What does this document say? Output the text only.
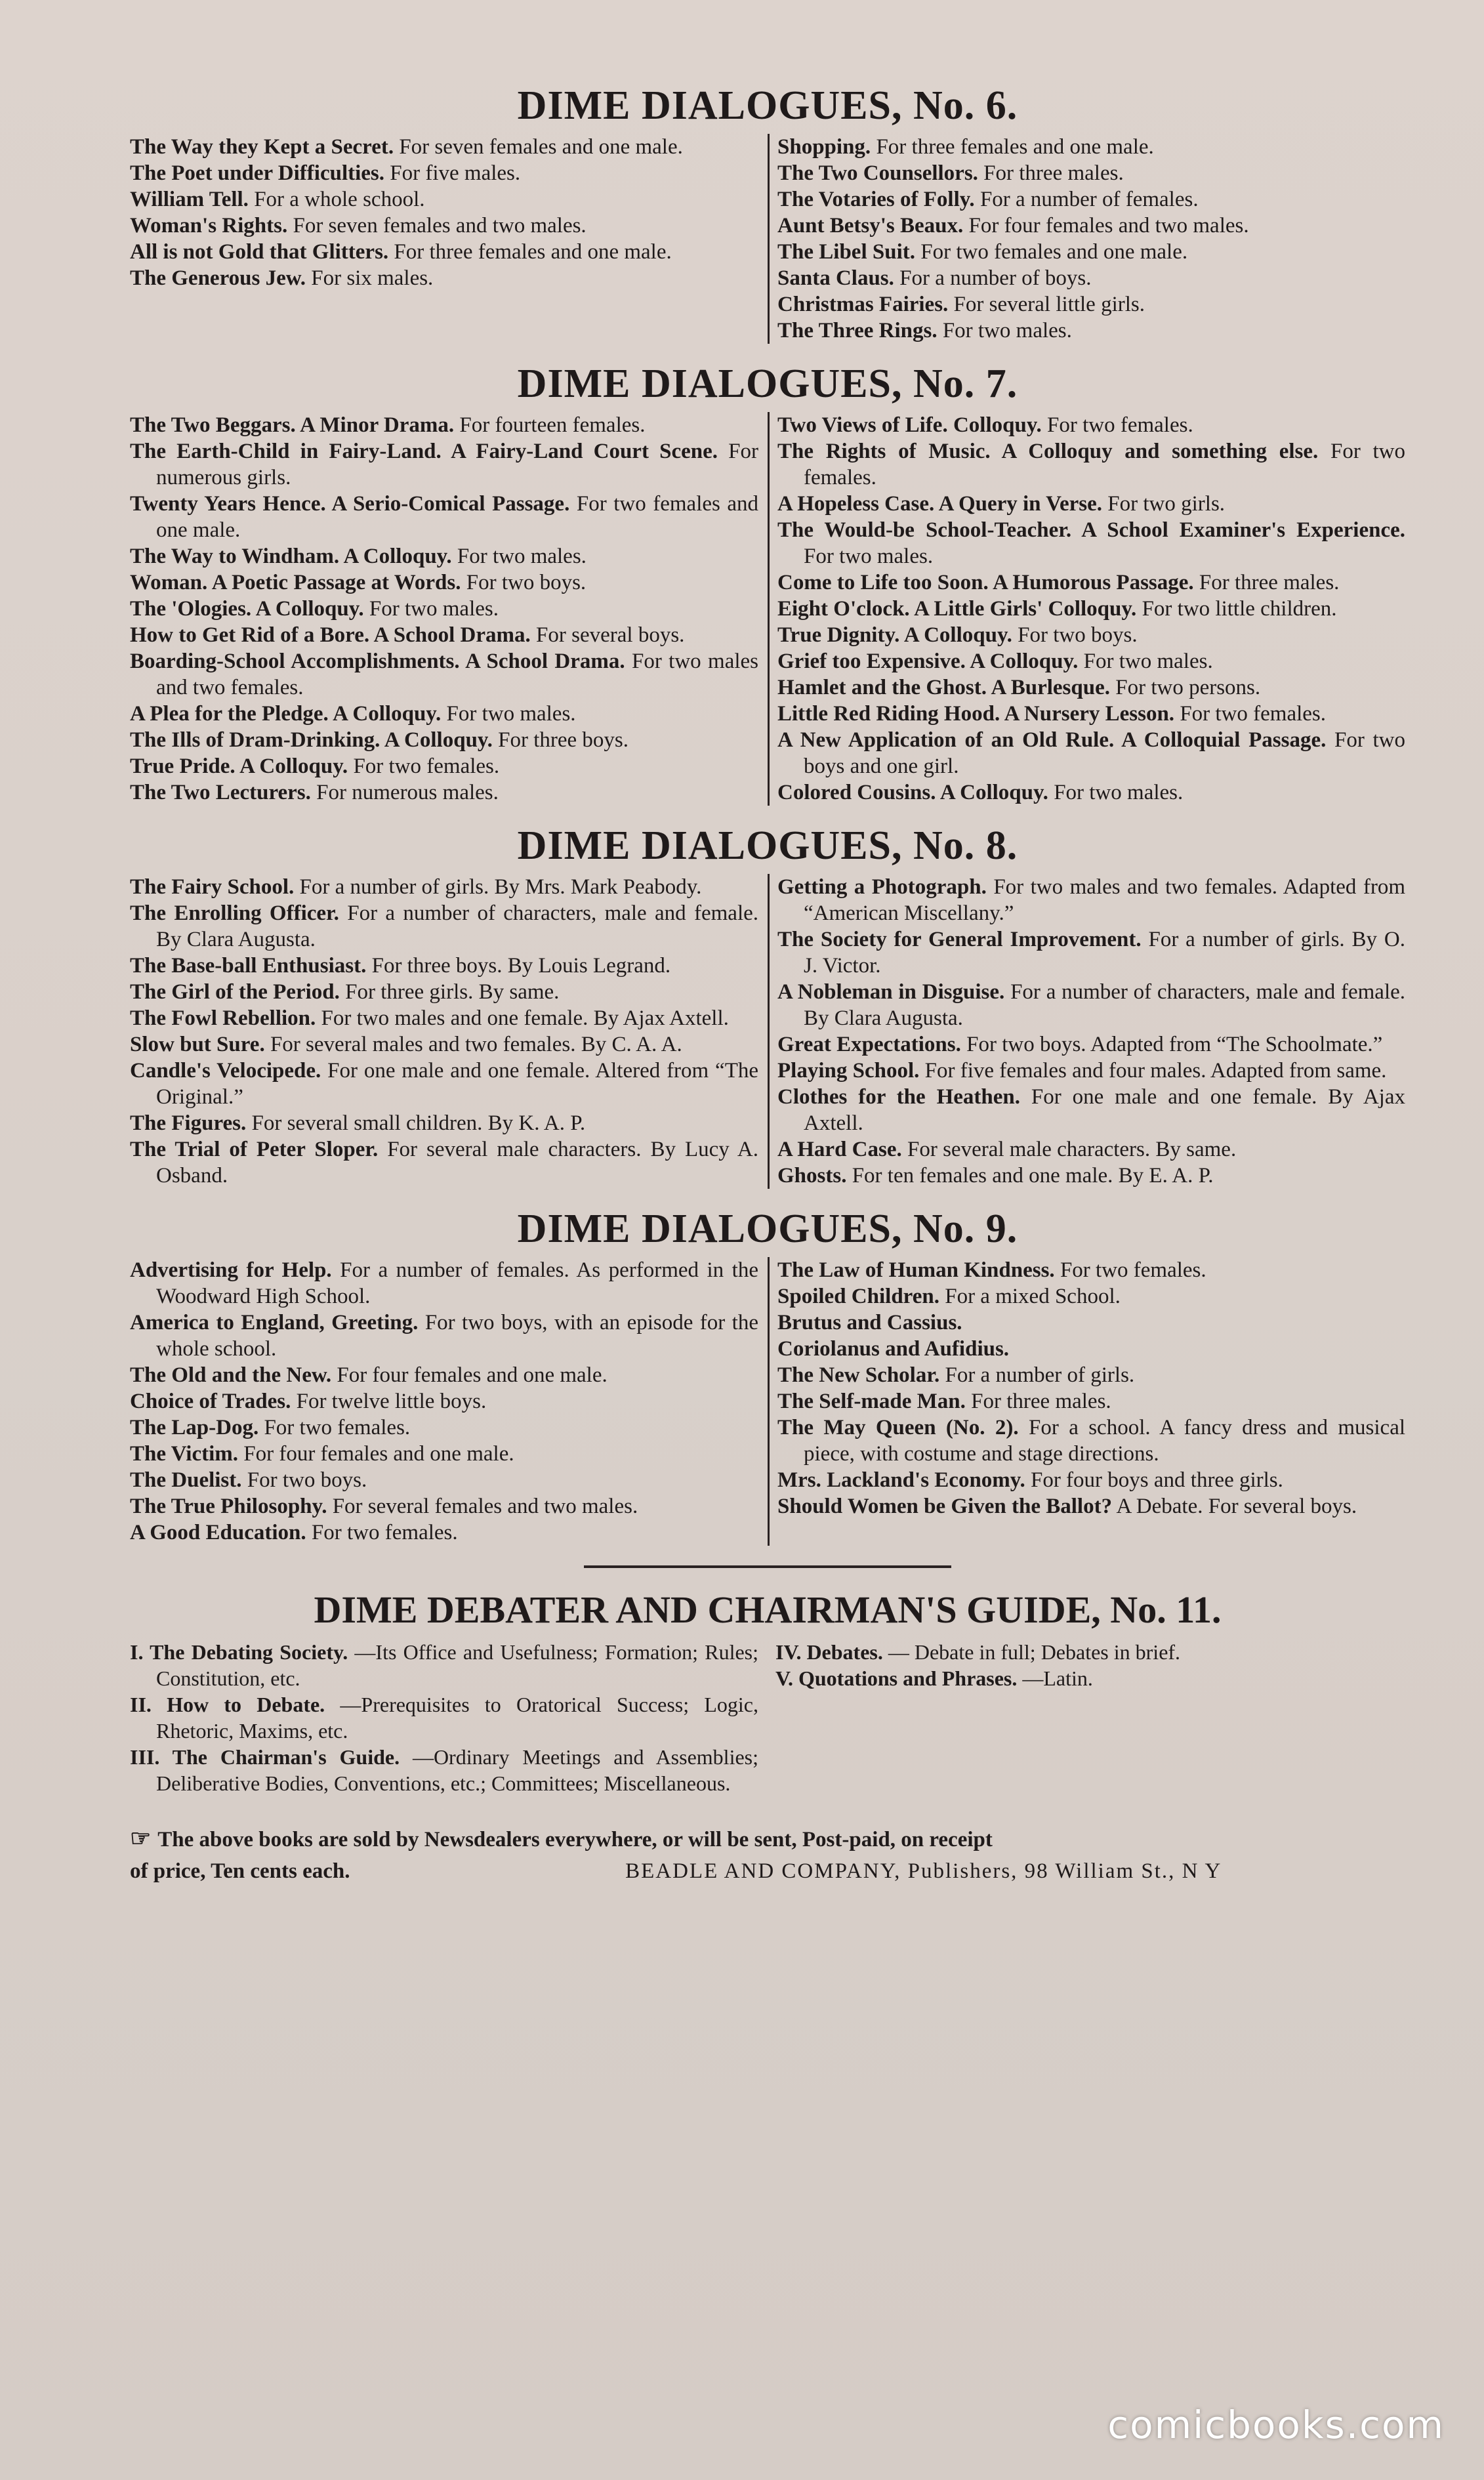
DIME DIALOGUES, No. 6.
The Way they Kept a Secret. For seven females and one male.
The Poet under Difficulties. For five males.
William Tell. For a whole school.
Woman's Rights. For seven females and two males.
All is not Gold that Glitters. For three females and one male.
The Generous Jew. For six males.
Shopping. For three females and one male.
The Two Counsellors. For three males.
The Votaries of Folly. For a number of females.
Aunt Betsy's Beaux. For four females and two males.
The Libel Suit. For two females and one male.
Santa Claus. For a number of boys.
Christmas Fairies. For several little girls.
The Three Rings. For two males.
DIME DIALOGUES, No. 7.
The Two Beggars. A Minor Drama. For fourteen females.
The Earth-Child in Fairy-Land. A Fairy-Land Court Scene. For numerous girls.
Twenty Years Hence. A Serio-Comical Passage. For two females and one male.
The Way to Windham. A Colloquy. For two males.
Woman. A Poetic Passage at Words. For two boys.
The 'Ologies. A Colloquy. For two males.
How to Get Rid of a Bore. A School Drama. For several boys.
Boarding-School Accomplishments. A School Drama. For two males and two females.
A Plea for the Pledge. A Colloquy. For two males.
The Ills of Dram-Drinking. A Colloquy. For three boys.
True Pride. A Colloquy. For two females.
The Two Lecturers. For numerous males.
Two Views of Life. Colloquy. For two females.
The Rights of Music. A Colloquy and something else. For two females.
A Hopeless Case. A Query in Verse. For two girls.
The Would-be School-Teacher. A School Examiner's Experience. For two males.
Come to Life too Soon. A Humorous Passage. For three males.
Eight O'clock. A Little Girls' Colloquy. For two little children.
True Dignity. A Colloquy. For two boys.
Grief too Expensive. A Colloquy. For two males.
Hamlet and the Ghost. A Burlesque. For two persons.
Little Red Riding Hood. A Nursery Lesson. For two females.
A New Application of an Old Rule. A Colloquial Passage. For two boys and one girl.
Colored Cousins. A Colloquy. For two males.
DIME DIALOGUES, No. 8.
The Fairy School. For a number of girls. By Mrs. Mark Peabody.
The Enrolling Officer. For a number of characters, male and female. By Clara Augusta.
The Base-ball Enthusiast. For three boys. By Louis Legrand.
The Girl of the Period. For three girls. By same.
The Fowl Rebellion. For two males and one female. By Ajax Axtell.
Slow but Sure. For several males and two females. By C. A. A.
Candle's Velocipede. For one male and one female. Altered from “The Original.”
The Figures. For several small children. By K. A. P.
The Trial of Peter Sloper. For several male characters. By Lucy A. Osband.
Getting a Photograph. For two males and two females. Adapted from “American Miscellany.”
The Society for General Improvement. For a number of girls. By O. J. Victor.
A Nobleman in Disguise. For a number of characters, male and female. By Clara Augusta.
Great Expectations. For two boys. Adapted from “The Schoolmate.”
Playing School. For five females and four males. Adapted from same.
Clothes for the Heathen. For one male and one female. By Ajax Axtell.
A Hard Case. For several male characters. By same.
Ghosts. For ten females and one male. By E. A. P.
DIME DIALOGUES, No. 9.
Advertising for Help. For a number of females. As performed in the Woodward High School.
America to England, Greeting. For two boys, with an episode for the whole school.
The Old and the New. For four females and one male.
Choice of Trades. For twelve little boys.
The Lap-Dog. For two females.
The Victim. For four females and one male.
The Duelist. For two boys.
The True Philosophy. For several females and two males.
A Good Education. For two females.
The Law of Human Kindness. For two females.
Spoiled Children. For a mixed School.
Brutus and Cassius.
Coriolanus and Aufidius.
The New Scholar. For a number of girls.
The Self-made Man. For three males.
The May Queen (No. 2). For a school. A fancy dress and musical piece, with costume and stage directions.
Mrs. Lackland's Economy. For four boys and three girls.
Should Women be Given the Ballot? A Debate. For several boys.
DIME DEBATER AND CHAIRMAN'S GUIDE, No. 11.
I. The Debating Society. —Its Office and Usefulness; Formation; Rules; Constitution, etc.
II. How to Debate. —Prerequisites to Oratorical Success; Logic, Rhetoric, Maxims, etc.
III. The Chairman's Guide. —Ordinary Meetings and Assemblies; Deliberative Bodies, Conventions, etc.; Committees; Miscellaneous.
IV. Debates. — Debate in full; Debates in brief.
V. Quotations and Phrases. —Latin.
☞ The above books are sold by Newsdealers everywhere, or will be sent, Post-paid, on receipt
of price, Ten cents each.	BEADLE AND COMPANY, Publishers, 98 William St., N Y
comicbooks.com
